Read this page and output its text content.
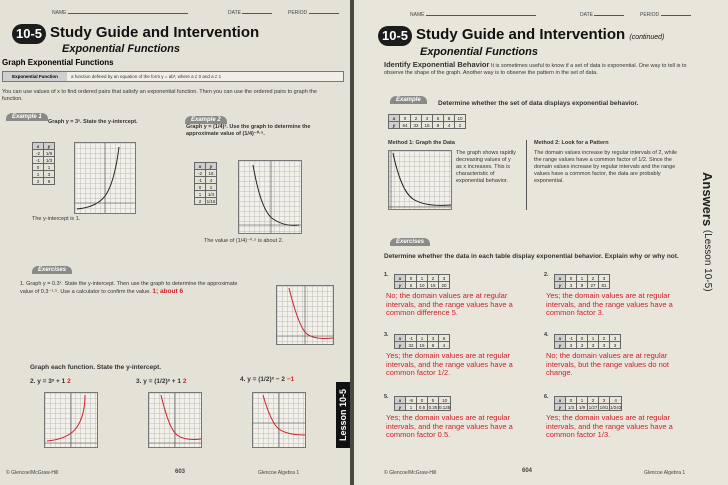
NAME	DATE	PERIOD
10-5 Study Guide and Intervention
Exponential Functions
Graph Exponential Functions
Exponential Function	a function defined by an equation of the form y = abˣ, where a ≠ 0 and a ≠ 1
You can use values of x to find ordered pairs that satisfy an exponential function. Then you can use the ordered pairs to graph the function.
Example 1
Graph y = 3ˣ. State the y-intercept.
x	y
-2	1/9
-1	1/3
0	1
1	3
2	9
The y-intercept is 1.
Example 2
Graph y = (1/4)ˣ. Use the graph to determine the approximate value of (1/4)⁻⁰·⁵.
x	y
-2	16
-1	4
0	1
1	1/4
2	1/16
The value of (1/4)⁻⁰·⁵ is about 2.
Exercises
1. Graph y = 0.3ˣ. State the y-intercept. Then use the graph to determine the approximate value of 0.3⁻¹·⁵. Use a calculator to confirm the value. 1; about 6
Graph each function. State the y-intercept.
2. y = 3ˣ + 1 2	3. y = (1/2)ˣ + 1 2	4. y = (1/2)ˣ − 2 −1
© Glencoe/McGraw-Hill	603	Glencoe Algebra 1
Lesson 10-5
NAME	DATE	PERIOD
10-5 Study Guide and Intervention (continued)
Exponential Functions
Identify Exponential Behavior It is sometimes useful to know if a set of data is exponential. One way to tell is to observe the shape of the graph. Another way is to observe the pattern in the set of data.
Example	Determine whether the set of data displays exponential behavior.
x	0	2	4	6	8	10
y	64	32	16	8	4	2
Method 1: Graph the Data
The graph shows rapidly decreasing values of y as x increases. This is characteristic of exponential behavior.
Method 2: Look for a Pattern
The domain values increase by regular intervals of 2, while the range values have a common factor of 1/2. Since the domain values increase by regular intervals and the range values have a common factor, the data are probably exponential.
Exercises
Determine whether the data in each table display exponential behavior. Explain why or why not.
1. x	0	1	2	3
y	5	10	15	20
No; the domain values are at regular intervals, and the range values have a common difference 5.
2. x	0	1	2	3
y	3	9	27	81
Yes; the domain values are at regular intervals, and the range values have a common factor 3.
3. x	-1	1	3	5
y	32	16	8	4
Yes; the domain values are at regular intervals, and the range values have a common factor 1/2.
4. x	-1	0	1	2	3
y	3	3	3	3	3
No; the domain values are at regular intervals, but the range values do not change.
5. x	-5	0	5	10
y	1	0.5	0.25	0.125
Yes; the domain values are at regular intervals, and the range values have a common factor 0.5.
6. x	0	1	2	3	4
y	1/3	1/9	1/27	1/81	1/243
Yes; the domain values are at regular intervals, and the range values have a common factor 1/3.
© Glencoe/McGraw-Hill	604	Glencoe Algebra 1
Answers (Lesson 10-5)
